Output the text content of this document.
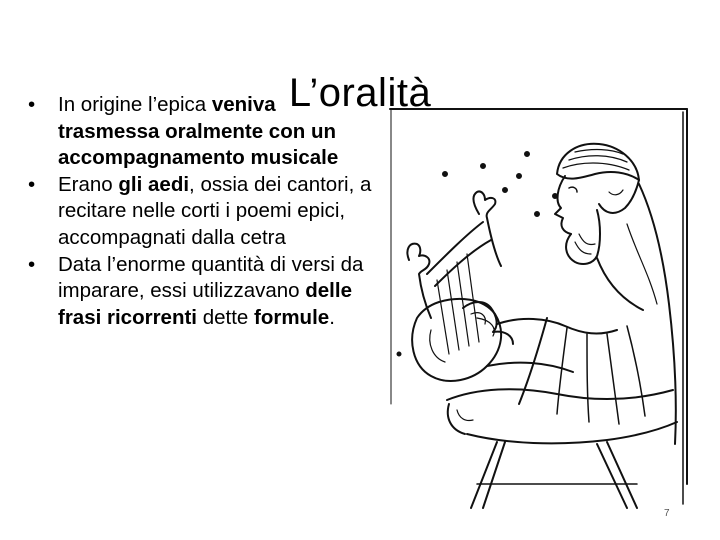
L’oralità
•	In origine l’epica veniva trasmessa oralmente con un accompagnamento musicale
•	Erano gli aedi, ossia dei cantori, a recitare nelle corti i poemi epici, accompagnati dalla cetra
•	Data l’enorme quantità di versi da imparare, essi utilizzavano delle frasi ricorrenti dette formule.
7
